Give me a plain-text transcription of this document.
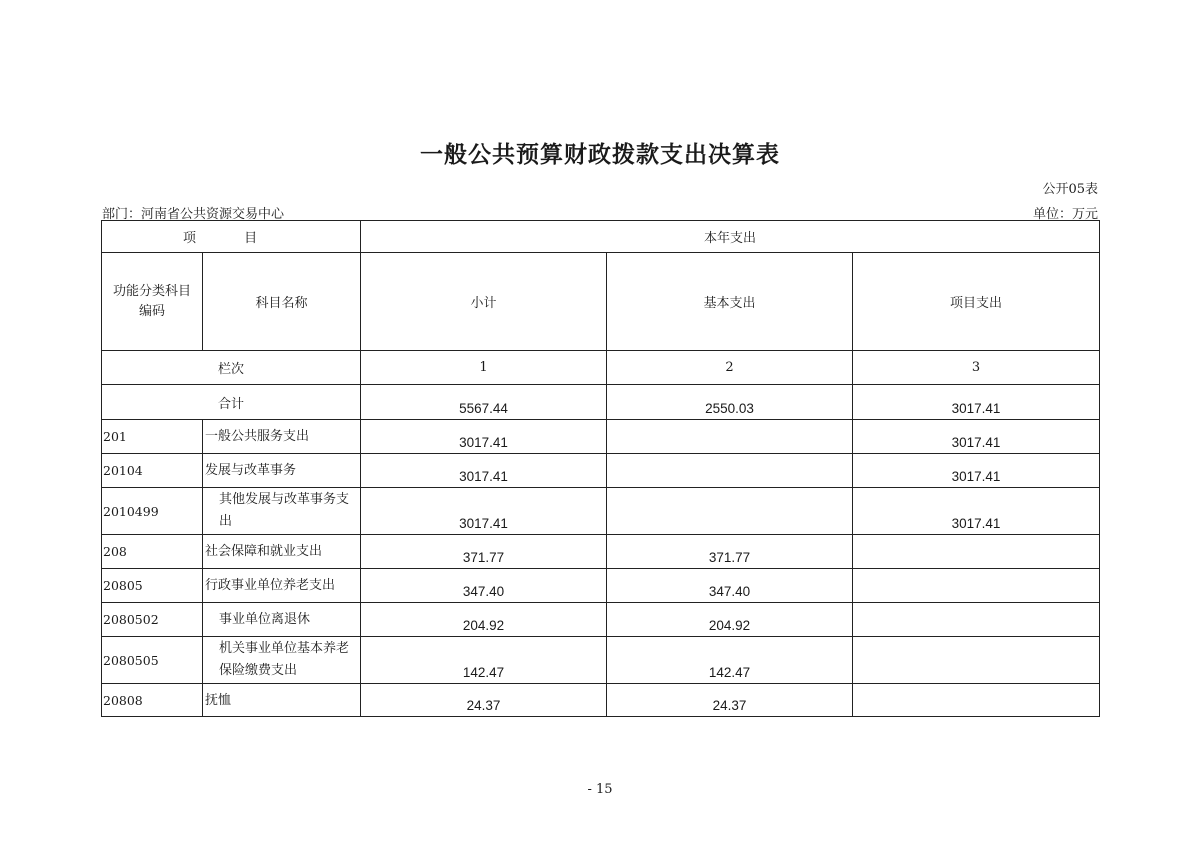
一般公共预算财政拨款支出决算表
公开05表
部门：河南省公共资源交易中心	单位：万元
项 目		本年支出		
功能分类科目编码	科目名称	小计	基本支出	项目支出
栏次		1	2	3
合计		5567.44	2550.03	3017.41
201	一般公共服务支出	3017.41		3017.41
20104	发展与改革事务	3017.41		3017.41
2010499	其他发展与改革事务支出	3017.41		3017.41
208	社会保障和就业支出	371.77	371.77	
20805	行政事业单位养老支出	347.40	347.40	
2080502	事业单位离退休	204.92	204.92	
2080505	机关事业单位基本养老保险缴费支出	142.47	142.47	
20808	抚恤	24.37	24.37	
- 15
